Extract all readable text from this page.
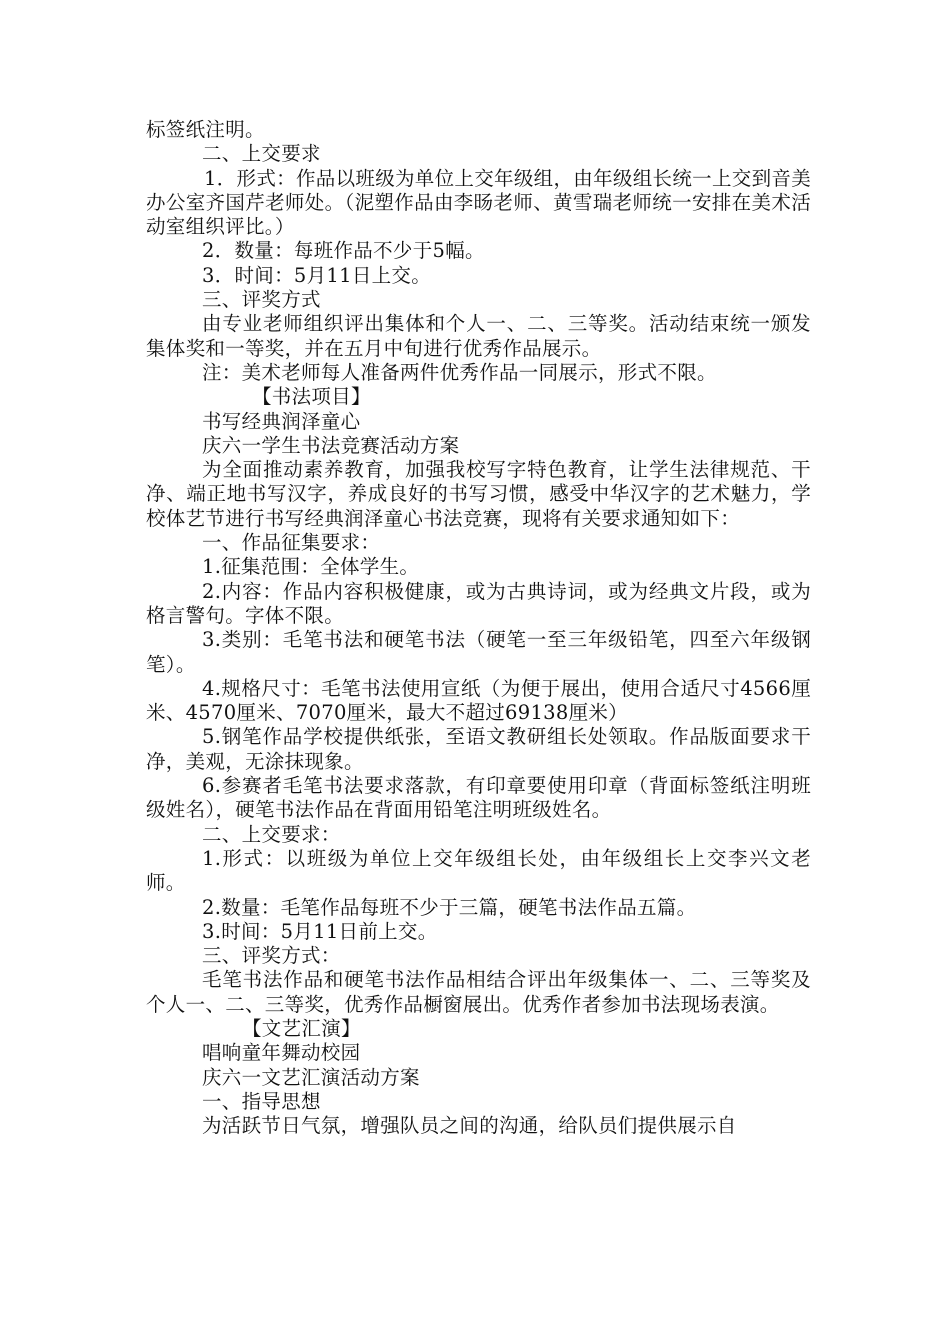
标签纸注明。

二、上交要求

1．形式：作品以班级为单位上交年级组，由年级组长统一上交到音美办公室齐国芹老师处。（泥塑作品由李旸老师、黄雪瑞老师统一安排在美术活动室组织评比。）

2．数量：每班作品不少于5幅。

3．时间：5月11日上交。

三、评奖方式

由专业老师组织评出集体和个人一、二、三等奖。活动结束统一颁发集体奖和一等奖，并在五月中旬进行优秀作品展示。

注：美术老师每人准备两件优秀作品一同展示，形式不限。

【书法项目】

书写经典润泽童心

庆六一学生书法竞赛活动方案

为全面推动素养教育，加强我校写字特色教育，让学生法律规范、干净、端正地书写汉字，养成良好的书写习惯，感受中华汉字的艺术魅力，学校体艺节进行书写经典润泽童心书法竞赛，现将有关要求通知如下：

一、作品征集要求：

1.征集范围：全体学生。

2.内容：作品内容积极健康，或为古典诗词，或为经典文片段，或为格言警句。字体不限。

3.类别：毛笔书法和硬笔书法（硬笔一至三年级铅笔，四至六年级钢笔）。

4.规格尺寸：毛笔书法使用宣纸（为便于展出，使用合适尺寸4566厘米、4570厘米、7070厘米，最大不超过69138厘米）

5.钢笔作品学校提供纸张，至语文教研组长处领取。作品版面要求干净，美观，无涂抹现象。

6.参赛者毛笔书法要求落款，有印章要使用印章（背面标签纸注明班级姓名），硬笔书法作品在背面用铅笔注明班级姓名。

二、上交要求：

1.形式：以班级为单位上交年级组长处，由年级组长上交李兴文老师。

2.数量：毛笔作品每班不少于三篇，硬笔书法作品五篇。

3.时间：5月11日前上交。

三、评奖方式：

毛笔书法作品和硬笔书法作品相结合评出年级集体一、二、三等奖及个人一、二、三等奖，优秀作品橱窗展出。优秀作者参加书法现场表演。

【文艺汇演】

唱响童年舞动校园

庆六一文艺汇演活动方案

一、指导思想

为活跃节日气氛，增强队员之间的沟通，给队员们提供展示自
